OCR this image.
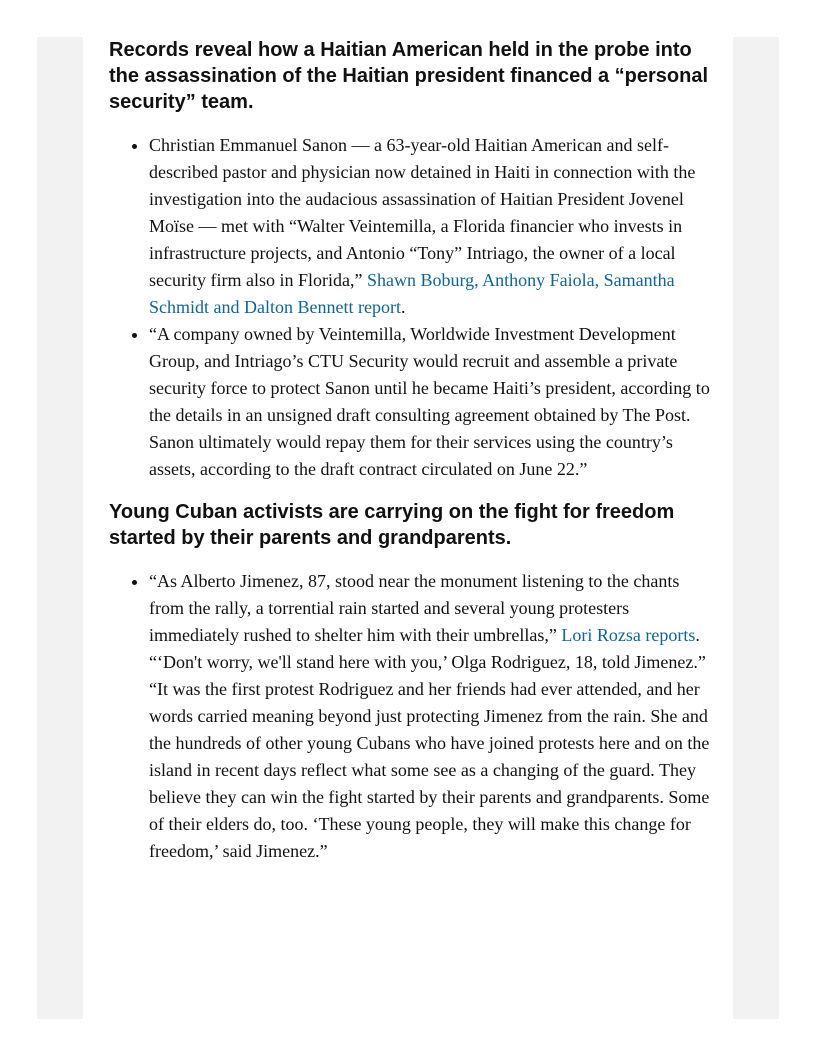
Records reveal how a Haitian American held in the probe into the assassination of the Haitian president financed a “personal security” team.
• Christian Emmanuel Sanon — a 63-year-old Haitian American and self-described pastor and physician now detained in Haiti in connection with the investigation into the audacious assassination of Haitian President Jovenel Moïse — met with “Walter Veintemilla, a Florida financier who invests in infrastructure projects, and Antonio “Tony” Intriago, the owner of a local security firm also in Florida,” Shawn Boburg, Anthony Faiola, Samantha Schmidt and Dalton Bennett report.
• “A company owned by Veintemilla, Worldwide Investment Development Group, and Intriago’s CTU Security would recruit and assemble a private security force to protect Sanon until he became Haiti’s president, according to the details in an unsigned draft consulting agreement obtained by The Post. Sanon ultimately would repay them for their services using the country’s assets, according to the draft contract circulated on June 22.”
Young Cuban activists are carrying on the fight for freedom started by their parents and grandparents.
• “As Alberto Jimenez, 87, stood near the monument listening to the chants from the rally, a torrential rain started and several young protesters immediately rushed to shelter him with their umbrellas,” Lori Rozsa reports. “‘Don't worry, we'll stand here with you,’ Olga Rodriguez, 18, told Jimenez.”
“It was the first protest Rodriguez and her friends had ever attended, and her words carried meaning beyond just protecting Jimenez from the rain. She and the hundreds of other young Cubans who have joined protests here and on the island in recent days reflect what some see as a changing of the guard. They believe they can win the fight started by their parents and grandparents. Some of their elders do, too. ‘These young people, they will make this change for freedom,’ said Jimenez.”
